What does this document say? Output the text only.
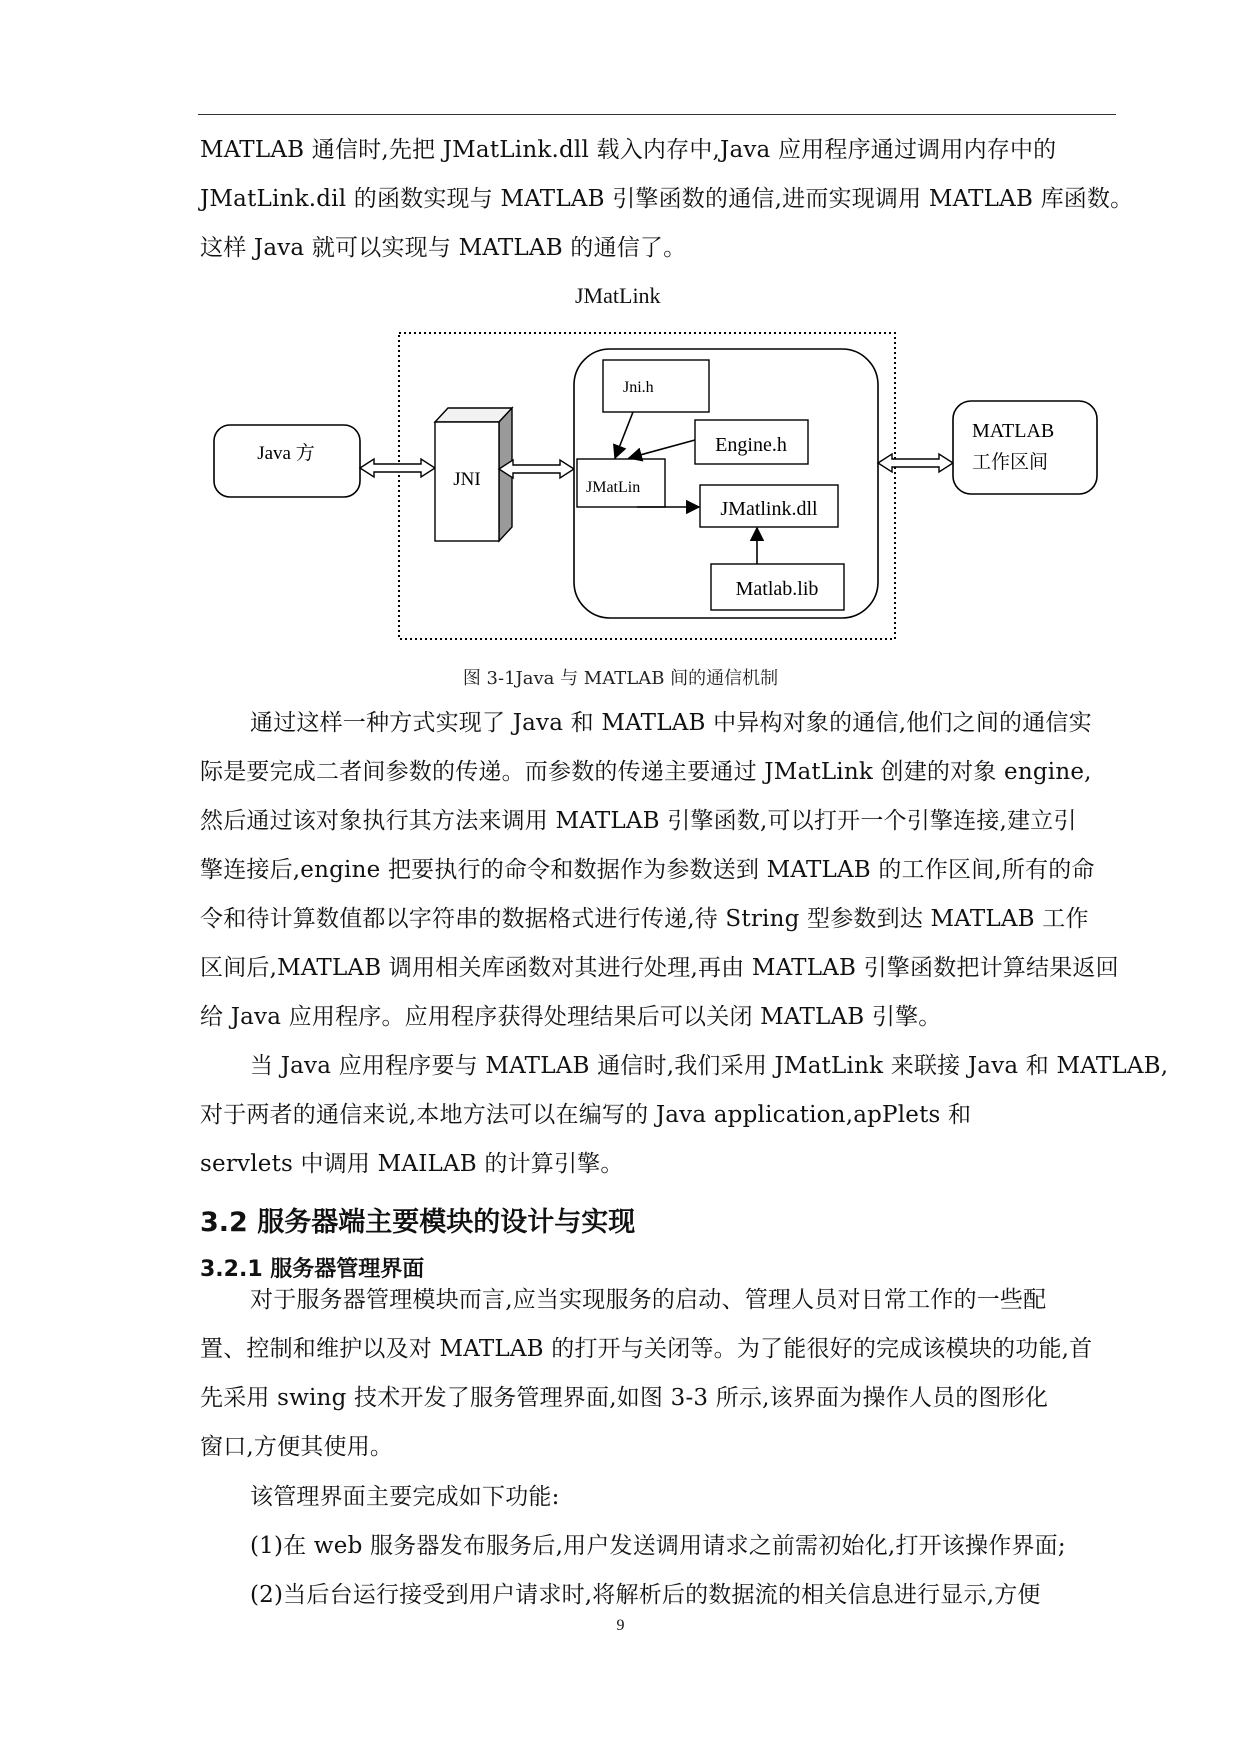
MATLAB 通信时,先把 JMatLink.dll 载入内存中,Java 应用程序通过调用内存中的
JMatLink.dil 的函数实现与 MATLAB 引擎函数的通信,进而实现调用 MATLAB 库函数。
这样 Java 就可以实现与 MATLAB 的通信了。
JMatLink
Java 方
JNI
Jni.h
Engine.h
JMatLin
JMatlink.dll
Matlab.lib
MATLAB
工作区间
图 3-1Java 与 MATLAB 间的通信机制
通过这样一种方式实现了 Java 和 MATLAB 中异构对象的通信,他们之间的通信实
际是要完成二者间参数的传递。而参数的传递主要通过 JMatLink 创建的对象 engine,
然后通过该对象执行其方法来调用 MATLAB 引擎函数,可以打开一个引擎连接,建立引
擎连接后,engine 把要执行的命令和数据作为参数送到 MATLAB 的工作区间,所有的命
令和待计算数值都以字符串的数据格式进行传递,待 String 型参数到达 MATLAB 工作
区间后,MATLAB 调用相关库函数对其进行处理,再由 MATLAB 引擎函数把计算结果返回
给 Java 应用程序。应用程序获得处理结果后可以关闭 MATLAB 引擎。
当 Java 应用程序要与 MATLAB 通信时,我们采用 JMatLink 来联接 Java 和 MATLAB,
对于两者的通信来说,本地方法可以在编写的 Java application,apPlets 和
servlets 中调用 MAILAB 的计算引擎。
3.2 服务器端主要模块的设计与实现
3.2.1 服务器管理界面
对于服务器管理模块而言,应当实现服务的启动、管理人员对日常工作的一些配
置、控制和维护以及对 MATLAB 的打开与关闭等。为了能很好的完成该模块的功能,首
先采用 swing 技术开发了服务管理界面,如图 3-3 所示,该界面为操作人员的图形化
窗口,方便其使用。
该管理界面主要完成如下功能:
(1)在 web 服务器发布服务后,用户发送调用请求之前需初始化,打开该操作界面;
(2)当后台运行接受到用户请求时,将解析后的数据流的相关信息进行显示,方便
9
